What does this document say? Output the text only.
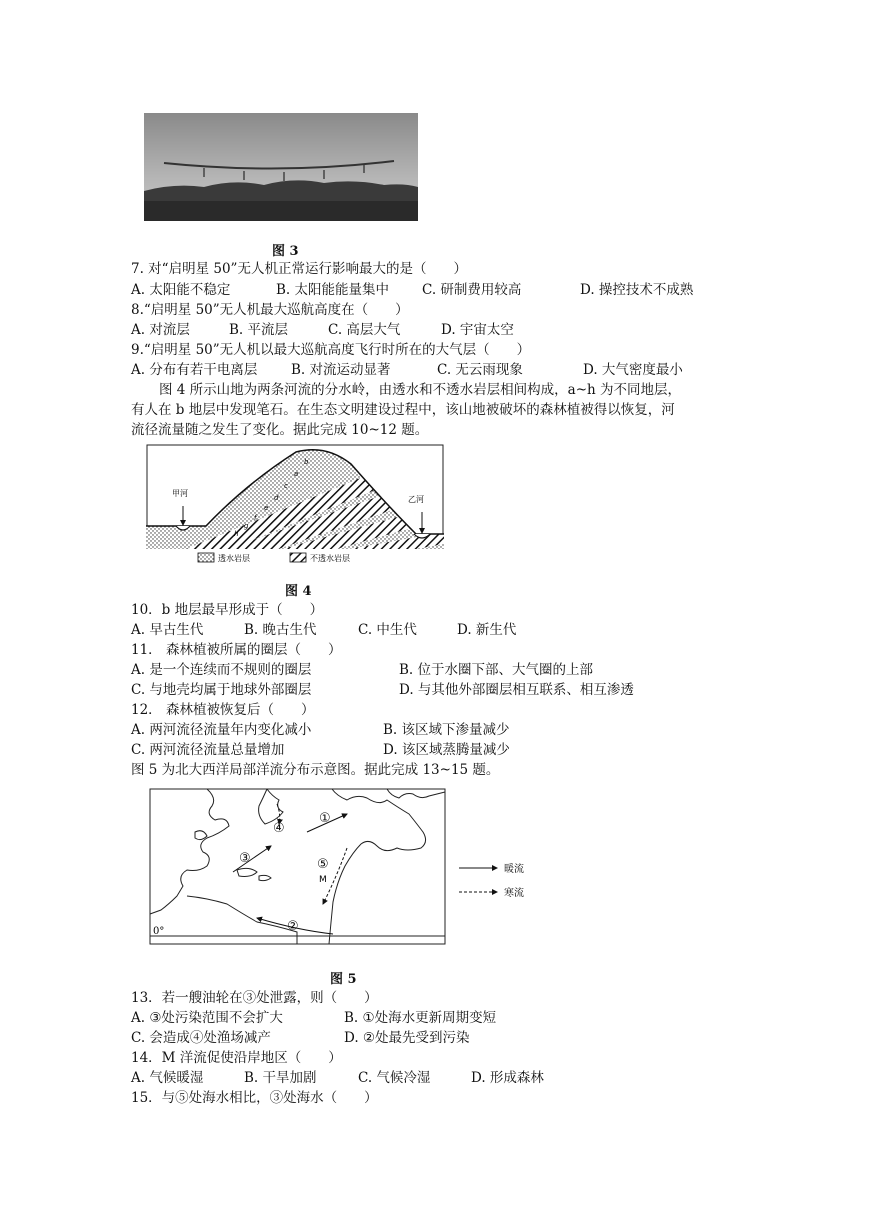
图 3
7. 对“启明星 50”无人机正常运行影响最大的是（　　）
A. 太阳能不稳定	B. 太阳能能量集中 C. 研制费用较高	D. 操控技术不成熟
8.“启明星 50”无人机最大巡航高度在（　　）
A. 对流层	B. 平流层	C. 高层大气	D. 宇宙太空
9.“启明星 50”无人机以最大巡航高度飞行时所在的大气层（　　）
A. 分布有若干电离层 B. 对流运动显著	C. 无云雨现象	D. 大气密度最小
图 4 所示山地为两条河流的分水岭，由透水和不透水岩层相间构成，a~h 为不同地层，
有人在 b 地层中发现笔石。在生态文明建设过程中，该山地被破坏的森林植被得以恢复，河
流径流量随之发生了变化。据此完成 10~12 题。
甲河
乙河
b
a
c
d
e
f
g
h
透水岩层	不透水岩层
图 4
10．b 地层最早形成于（　　）
A. 早古生代	B. 晚古生代	C. 中生代	D. 新生代
11． 森林植被所属的圈层（　　）
A. 是一个连续而不规则的圈层	B. 位于水圈下部、大气圈的上部
C. 与地壳均属于地球外部圈层	D. 与其他外部圈层相互联系、相互渗透
12． 森林植被恢复后（　　）
A. 两河流径流量年内变化减小	B. 该区域下渗量减少
C. 两河流径流量总量增加	D. 该区域蒸腾量减少
图 5 为北大西洋局部洋流分布示意图。据此完成 13~15 题。
0°
①
②
③
④
⑤
M
暖流
寒流
图 5
13．若一艘油轮在③处泄露，则（　　）
A. ③处污染范围不会扩大	B. ①处海水更新周期变短
C. 会造成④处渔场减产	D. ②处最先受到污染
14．M 洋流促使沿岸地区（　　）
A. 气候暖湿	B. 干旱加剧	C. 气候冷湿	D. 形成森林
15．与⑤处海水相比，③处海水（　　）
